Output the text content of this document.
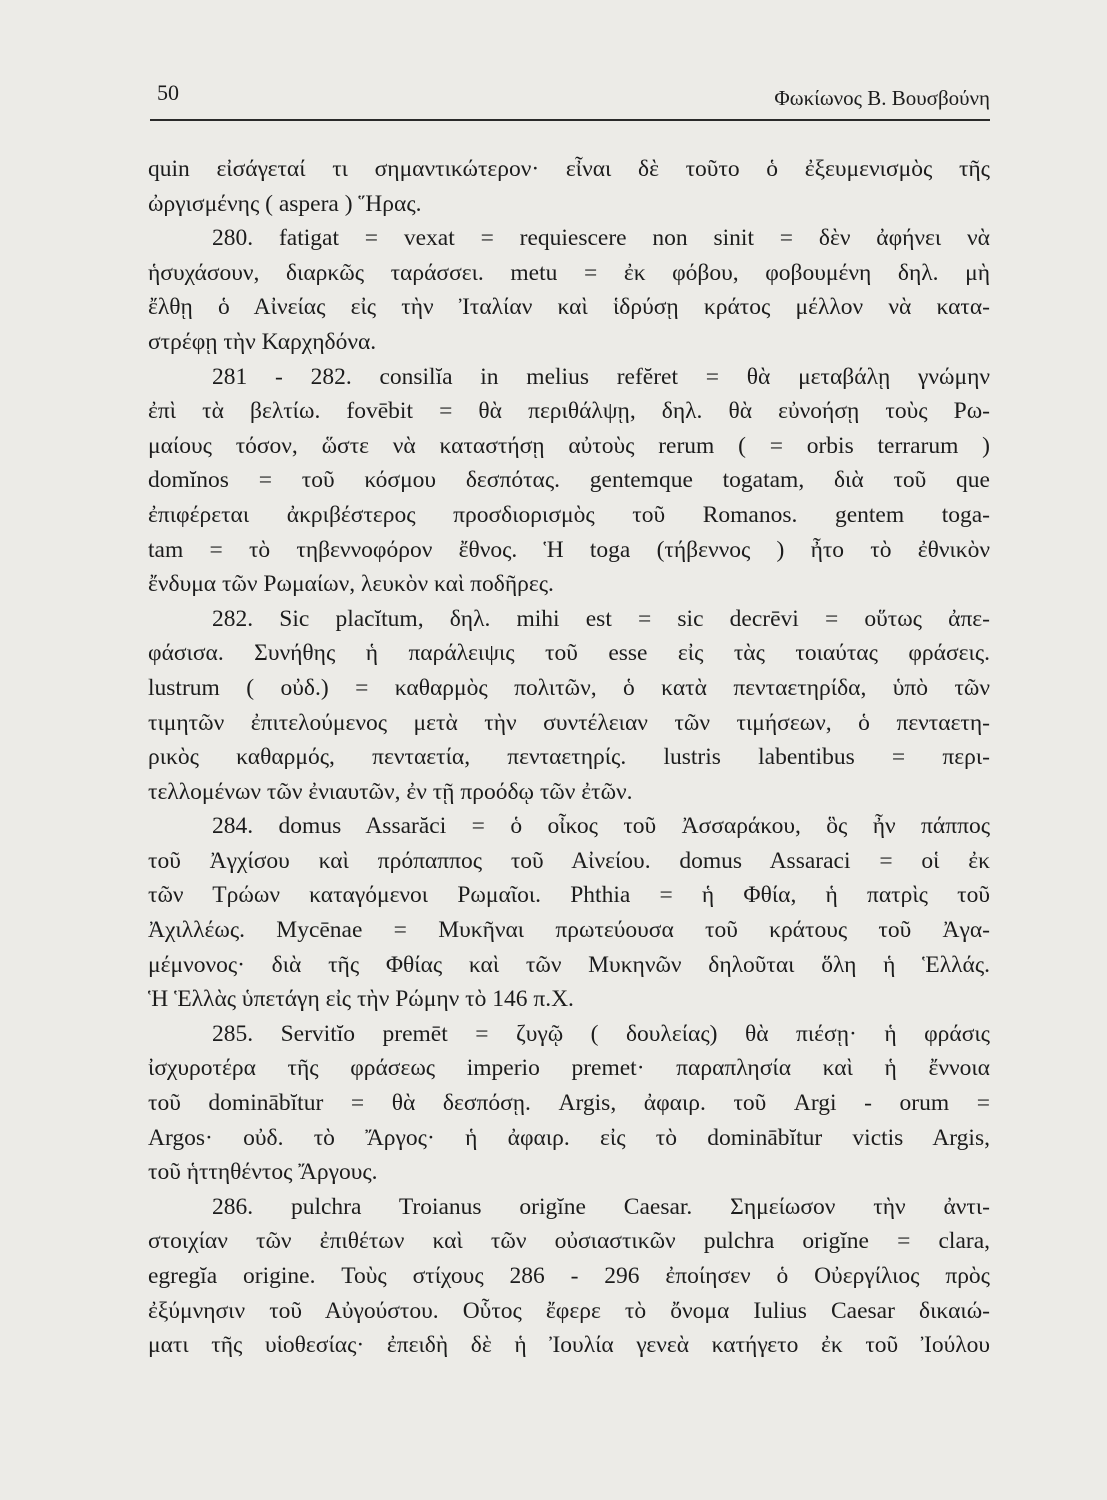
50	Φωκίωνος Β. Βουσβούνη
quin εἰσάγεταί τι σημαντικώτερον· εἶναι δὲ τοῦτο ὁ ἐξευμενισμὸς τῆς
ὠργισμένης ( aspera ) Ἥρας.
280. fatigat = vexat = requiescere non sinit = δὲν ἀφήνει νὰ
ἡσυχάσουν, διαρκῶς ταράσσει. metu = ἐκ φόβου, φοβουμένη δηλ. μὴ
ἔλθῃ ὁ Αἰνείας εἰς τὴν Ἰταλίαν καὶ ἱδρύσῃ κράτος μέλλον νὰ κατα-
στρέφῃ τὴν Καρχηδόνα.
281 - 282. consilĭa in melius refĕret = θὰ μεταβάλῃ γνώμην
ἐπὶ τὰ βελτίω. fovēbit = θὰ περιθάλψῃ, δηλ. θὰ εὐνοήσῃ τοὺς Ρω-
μαίους τόσον, ὥστε νὰ καταστήσῃ αὐτοὺς rerum ( = orbis terrarum )
domĭnos = τοῦ κόσμου δεσπότας. gentemque togatam, διὰ τοῦ que
ἐπιφέρεται ἀκριβέστερος προσδιορισμὸς τοῦ Romanos. gentem toga-
tam = τὸ τηβεννοφόρον ἔθνος. Ἡ toga (τήβεννος ) ἦτο τὸ ἐθνικὸν
ἔνδυμα τῶν Ρωμαίων, λευκὸν καὶ ποδῆρες.
282. Sic placĭtum, δηλ. mihi est = sic decrēvi = οὕτως ἀπε-
φάσισα. Συνήθης ἡ παράλειψις τοῦ esse εἰς τὰς τοιαύτας φράσεις.
lustrum ( οὐδ.) = καθαρμὸς πολιτῶν, ὁ κατὰ πενταετηρίδα, ὑπὸ τῶν
τιμητῶν ἐπιτελούμενος μετὰ τὴν συντέλειαν τῶν τιμήσεων, ὁ πενταετη-
ρικὸς καθαρμός, πενταετία, πενταετηρίς. lustris labentibus = περι-
τελλομένων τῶν ἐνιαυτῶν, ἐν τῇ προόδῳ τῶν ἐτῶν.
284. domus Assarăci = ὁ οἶκος τοῦ Ἀσσαράκου, ὃς ἦν πάππος
τοῦ Ἀγχίσου καὶ πρόπαππος τοῦ Αἰνείου. domus Assaraci = οἱ ἐκ
τῶν Τρώων καταγόμενοι Ρωμαῖοι. Phthia = ἡ Φθία, ἡ πατρὶς τοῦ
Ἀχιλλέως. Mycēnae = Μυκῆναι πρωτεύουσα τοῦ κράτους τοῦ Ἀγα-
μέμνονος· διὰ τῆς Φθίας καὶ τῶν Μυκηνῶν δηλοῦται ὅλη ἡ Ἑλλάς.
Ἡ Ἑλλὰς ὑπετάγη εἰς τὴν Ρώμην τὸ 146 π.Χ.
285. Servitĭo premēt = ζυγῷ ( δουλείας) θὰ πιέσῃ· ἡ φράσις
ἰσχυροτέρα τῆς φράσεως imperio premet· παραπλησία καὶ ἡ ἔννοια
τοῦ dominābĭtur = θὰ δεσπόσῃ. Argis, ἀφαιρ. τοῦ Argi - orum =
Argos· οὐδ. τὸ Ἄργος· ἡ ἀφαιρ. εἰς τὸ dominābĭtur victis Argis,
τοῦ ἡττηθέντος Ἄργους.
286. pulchra Troianus origĭne Caesar. Σημείωσον τὴν ἀντι-
στοιχίαν τῶν ἐπιθέτων καὶ τῶν οὐσιαστικῶν pulchra origĭne = clara,
egregĭa origine. Τοὺς στίχους 286 - 296 ἐποίησεν ὁ Οὐεργίλιος πρὸς
ἐξύμνησιν τοῦ Αὐγούστου. Οὗτος ἔφερε τὸ ὄνομα Iulius Caesar δικαιώ-
ματι τῆς υἱοθεσίας· ἐπειδὴ δὲ ἡ Ἰουλία γενεὰ κατήγετο ἐκ τοῦ Ἰούλου
